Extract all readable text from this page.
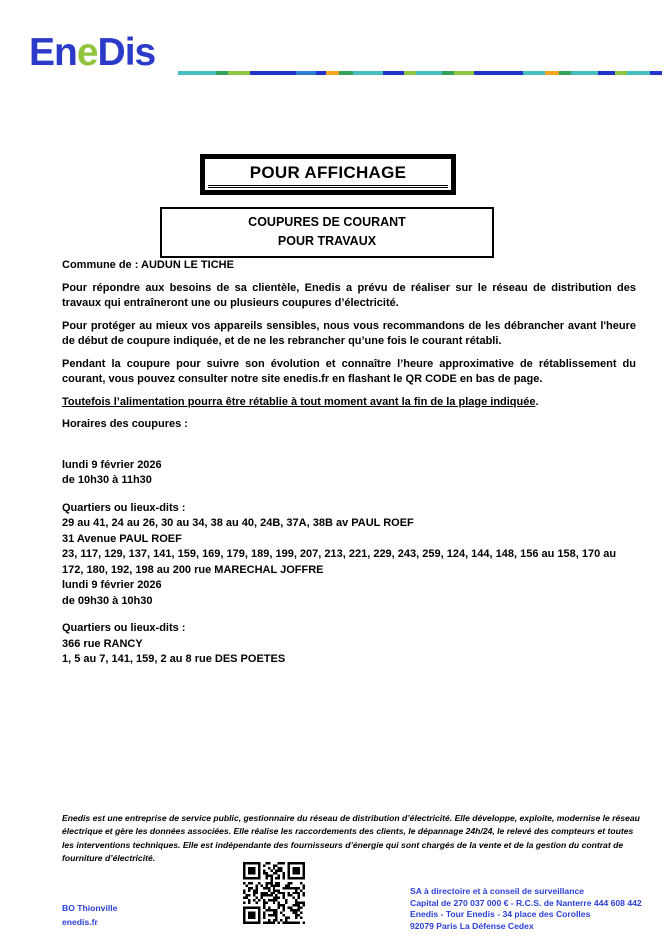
EneDis
POUR AFFICHAGE
COUPURES DE COURANT
POUR TRAVAUX

Commune de : AUDUN LE TICHE

Pour répondre aux besoins de sa clientèle, Enedis a prévu de réaliser sur le réseau de distribution des travaux qui entraîneront une ou plusieurs coupures d’électricité.

Pour protéger au mieux vos appareils sensibles, nous vous recommandons de les débrancher avant l'heure de début de coupure indiquée, et de ne les rebrancher qu’une fois le courant rétabli.

Pendant la coupure pour suivre son évolution et connaître l’heure approximative de rétablissement du courant, vous pouvez consulter notre site enedis.fr en flashant le QR CODE en bas de page.

Toutefois l’alimentation pourra être rétablie à tout moment avant la fin de la plage indiquée.

Horaires des coupures :

lundi 9 février 2026
de 10h30 à 11h30
Quartiers ou lieux-dits :
29 au 41, 24 au 26, 30 au 34, 38 au 40, 24B, 37A, 38B av PAUL ROEF
31 Avenue PAUL ROEF
23, 117, 129, 137, 141, 159, 169, 179, 189, 199, 207, 213, 221, 229, 243, 259, 124, 144, 148, 156 au 158, 170 au 172, 180, 192, 198 au 200 rue MARECHAL JOFFRE
lundi 9 février 2026
de 09h30 à 10h30
Quartiers ou lieux-dits :
366 rue RANCY
1, 5 au 7, 141, 159, 2 au 8 rue DES POETES
Enedis est une entreprise de service public, gestionnaire du réseau de distribution d’électricité. Elle développe, exploite, modernise le réseau électrique et gère les données associées. Elle réalise les raccordements des clients, le dépannage 24h/24, le relevé des compteurs et toutes les interventions techniques. Elle est indépendante des fournisseurs d’énergie qui sont chargés de la vente et de la gestion du contrat de fourniture d’électricité.
BO Thionville
enedis.fr
SA à directoire et à conseil de surveillance
Capital de 270 037 000 € - R.C.S. de Nanterre 444 608 442
Enedis - Tour Enedis - 34 place des Corolles
92079 Paris La Défense Cedex
